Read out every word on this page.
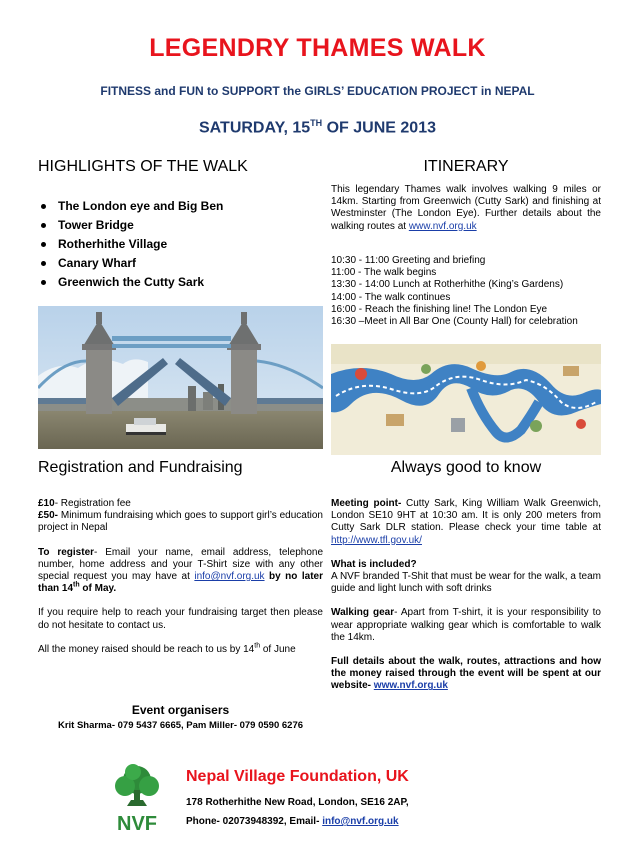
LEGENDRY THAMES WALK
FITNESS and FUN to SUPPORT the GIRLS’ EDUCATION PROJECT in NEPAL
SATURDAY, 15TH OF JUNE 2013
HIGHLIGHTS OF THE WALK
The London eye and Big Ben
Tower Bridge
Rotherhithe Village
Canary Wharf
Greenwich the Cutty Sark
ITINERARY
This legendary Thames walk involves walking 9 miles or 14km. Starting from Greenwich (Cutty Sark) and finishing at Westminster (The London Eye). Further details about the walking routes at www.nvf.org.uk

10:30 - 11:00 Greeting and briefing

11:00 - The walk begins

13:30 - 14:00 Lunch at Rotherhithe (King’s Gardens)

14:00 - The walk continues

16:00 - Reach the finishing line! The London Eye

16:30 –Meet in All Bar One (County Hall) for celebration

Registration and Fundraising

£10- Registration fee

£50- Minimum fundraising which goes to support girl’s education project in Nepal

To register- Email your name, email address, telephone number, home address and your T-Shirt size with any other special request you may have at info@nvf.org.uk by no later than 14th of May.

If you require help to reach your fundraising target then please do not hesitate to contact us.

All the money raised should be reach to us by 14th of June

Event organisers
Krit Sharma- 079 5437 6665, Pam Miller- 079 0590 6276
Always good to know

Meeting point- Cutty Sark, King William Walk Greenwich, London SE10 9HT at 10:30 am. It is only 200 meters from Cutty Sark DLR station. Please check your time table at http://www.tfl.gov.uk/

What is included?

A NVF branded T-Shit that must be wear for the walk, a team guide and light lunch with soft drinks

Walking gear- Apart from T-shirt, it is your responsibility to wear appropriate walking gear which is comfortable to walk the 14km.

Full details about the walk, routes, attractions and how the money raised through the event will be spent at our website- www.nvf.org.uk

NVF
Nepal Village Foundation, UK
178 Rotherhithe New Road, London, SE16 2AP,
Phone- 02073948392, Email- info@nvf.org.uk
